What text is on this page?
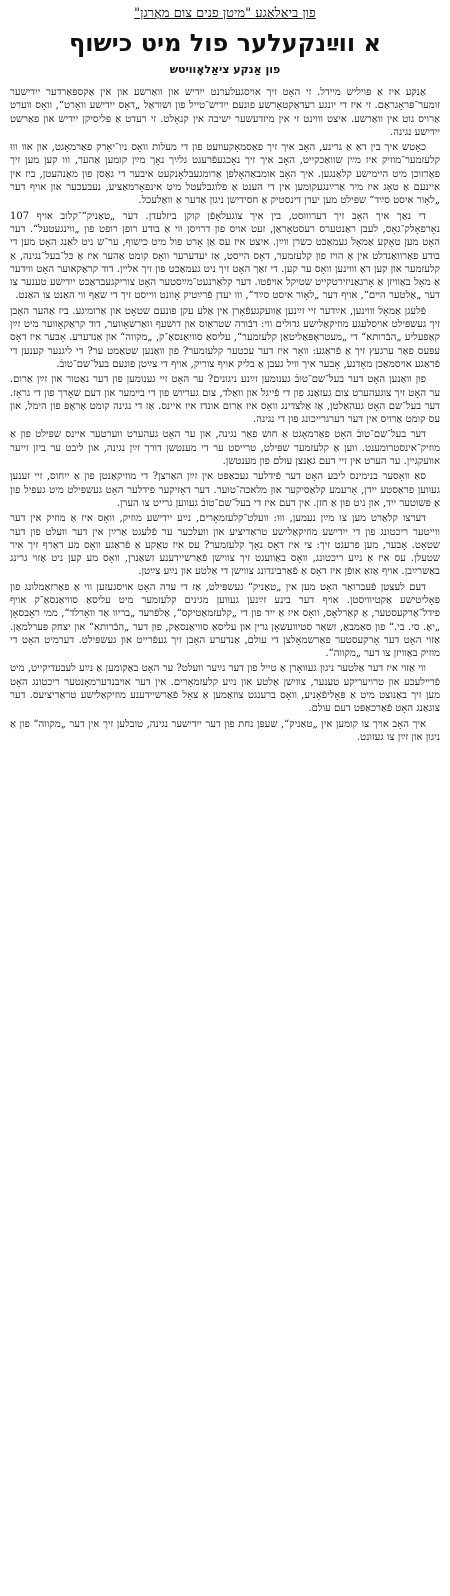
פון ביאַלאַגע "מיטן פנים צום מאָרגן"
א ווײַנקעלער פול מיט כישוף
פון אַנקע ציאַלאָוויטש

אַנקע איז אַ פּויליש מיידל. זי האָט זיך אויסגעלערנט ייִדיש און וואַרשע און אין אַקספּאַרדער ייִדישער זומער־פּראָגראַם. זי איז די יונגע רעדאַקטאָרשע פונעם ייִדיש־טייל פון ושוראַל „דאָס ייִדישע וואָרט“, וואָס ווערט אַרויס גוט אין וואַרשע. איצט וווינט זי אין מיזדעשער ישיבה אין קנאָלט. זי רעדט אַ פּליסיקן ייִדיש און פאַרשט ייִדישע נגינה.

כאָטש איך בין דאַ אַ גרינע, האָב איך זיך פאַסמאָקעוועט פון די מעלות וואָס ניו־יאָרק פאַרמאָגט, און אוו וווּ קלעזמער־מוזיק איז מײַן שוואַכקייט, האָב איך זיך נאָכגעפֿרעגט גלײַך נאָך מײַן קומען אַהער, ווו קען מען זיך פאַרזוכן מיט היימישע קלאַנגען. איך האָב אומבאַהאָלפן אַרומגעבלאָנקעט איבער די גאַסן פון מאַנהעטן, ביז אין איינעם אַ טאָג איז מיר אַרײַנגעקומען אין די הענט אַ פלוגבלעטל מיט אינפאָרמאַציע, נעבעכער און אויף דער „לאָור איסט סײַד“ שפּילט מען יעדן דינסטיק אַ חסידישן ניגון אַדער אַ וואַלעכל.

די נאַך איך האָב זיך דערוווּסט, בין איך צוגעלאָפֿן קוקן ביזלעדן. דער „טאַניק“־קלוב אויף 107 נאָרפאָלק־גאָס, לעבן ראַנטערס רעסטאָראַן, זעט אויס פון דרויסן ווי אַ בודע רופן רופט פון „ווינגעטעל“. דער האָט מען טאָקע אַמאָל געמאַכט כשרן ווײַן. איצט איז עס אַן אָרט פול מיט כישוף, ער־ש ניט לאַנג האָט מען די בודע פאַרוואַנדלט אין אַ הויז פון קלעזמער, דאָס הייסט, אַז יעדערער וואָס קומט אַהער איז אַ כּל־בעל־נגינה, אַ קלעזמער און קען דאָ וווינען וואָס ער קען. די זאַך האָט זיך ניט געמאַכט פון זיך אליין. דוד קראַקאוער האָט ווידער אַ מאָל באַוויזן אַ אָרגאַניזירטקייט שטיקל אויפֿטו. דער קלאַרנעט־מײַסטער האָט צוריקגעבראַכט ייִדישע טענער צו דער „אַלטער הײם“, אויף דער „לאָור איסט סײַד“, ווו יעדן פֿרײַטיק אָוונט ווייסט זיך די שאַף ווי האַנט צו האַנט.

פֿלעגן אַמאָל וווינען, אײַדער זיי זײַנען אַוועקגעפֿאָרן אין אַלע עקן פונעם שטאָט און אַרומיגע. ביז אַהער האָבן זיך געשפּילט אויסלעגע מוזיקאַלישע גדולים ווי: דבֿורה שטראַוס און דושעף וואַרשאָווער, דוד קראַקאָווער מיט זײַן קאַפעליע „הבֿרותא“ די „מעטראָפּאַליטאַן קלעזמער“, עליסאַ סוויאַנסאַ־ק, „מקווה“ און אַנדערע. אָבער איז דאָס עפּעס פאַר ערגעץ זיך אַ פֿראַגע: וואָר איז דער עכטער קלעזמער? פון וואַנען שטאַמט ער? די ליגנער קענען די פֿראַגע אויסמאַכן מאָדנע, אָבער איך וויל געבן אַ בליק אויף צוריק, אויף די צײַטן פונעם בעל־שם־טובֿ.

פון וואַנען האָט דער בעל־שם־טובֿ גענומען זײַנע ניגונים? ער האָט זיי גענומען פון דער נאַטור און זײַן אַרום. ער האָט זיך צוגעהערט צום געזאַנג פון די פֿייגל און וואַלד, צום געריוש פון די בײמער און דעם שאָרך פון די גראָז. דער בעל־שם האָט געהאַלטן, אַז אַלצדינג וואָס איז אַרום אונדז איז איינס. אַז די נגינה קומט אַראָפּ פון הימל, און עס קומט אַרויס אין דער דערגרייכונג פון די נגינה.

דער בעל־שם־טובֿ האָט פאַרמאָגט אַ חוש פאַר נגינה, און ער האָט געהערט ווערטער איינס שפּילט פון אַ מוזיק־אינסטרומענט. ווען אַ קלעזמער שפּילט, טרייסט ער די מענטשן דורך זײַן נגינה, און ליבט ער ביזן זייער אוועקגיין. ער הערט אין זיי דעם גאַנצן עולם פון מענטשן.

סאַ וואָסער בנימינס ליבע האָט דער פֿידלער געכאַפּט אין זײַן האַרצן? די מוזיקאַנטן פון אַ ייִחוס, זיי זענען געווען פראַסטע ייִדן, אָרעמע קלאַסיקער און מלאכה־טוער. דער דאָזיקער פידלער האָט געשפּילט מיט געפיל פון אַ פּשוטער ייִד, און ניט פון אַ חזן. אין דעם איז די בעל־שם־טובֿ געווען גרייט צו הערן.

דערצו קלאַרט מען צו מײַן נעמען, ווו: וועלט־קלעזמאָרים, נײַע ייִדישע מוזיק, וואָס איז אַ מוזיק אין דער ווייטער ריכטונג פון די ייִדישע מוזיקאַלישע טראַדיציע און וועלכער ער פֿלעגט אַרײַן אין דער וועלט פון דער שטאָט. אָבער, מען פרעגט זיך: צי איז דאָס נאָך קלעזמער? עס איז טאַקע אַ פֿראַגע וואָס מע דאַרף זיך איר שטעלן. עס איז אַ נײַע ריכטונג, וואָס באַוועגט זיך צווישן פֿאַרשיידענע זשאַנרן, וואָס מע קען ניט אַזוי גרינג באַשרײַבן. אויף אַזאַ אופֿן איז דאָס אַ פֿאַרבינדונג צווישן די אַלטע און נײַע צײַטן.

דעם לעצטן פֿעברואַר האָט מען אין „טאַניק“ געשפּילט, אַז די עדה האָט אויסגעזען ווי אַ פאַרזאַמלונג פון פּאָליטישע אַקטיוויסטן. אויף דער בינע זײַנען געווען מגינים קלעזמער מיט עליסאַ סוויאַנסאַ־ק אויף פידל־אַרקעסטער, אַ קאַרלאָס, וואָס איז אַ ייִד פון די „קלעזמאַטיקס“, אַלפֿרעד „בריוו אַד וואָרלד“, ממי ראָבסאָן „יאָ. סי. בי.“ פון סאַמבאַ, זשאַר סטיוועשאָן גרין און עליסאַ סוויאַנסאַק, פון דער „הבֿרותא“ און יצחק פּערלמאַן. אַזוי האָט דער אָרקעסטער פאַרשמאָלצן די עולם, אַנדערע האָבן זיך געפֿרייט און געשפּילט. דערמיט האָט די מוזיק באַוויזן צו דער „מקווה“.

ווי אַזוי איז דער אַלטער ניגון געוואָרן אַ טייל פון דער נײַער וועלט? ער האָט באַקומען אַ נײַע לעבעדיקייט, מיט פֿרײלעכע און טרויעריקע טענער, צווישן אַלטע און נײַע קלעזמאָרים. אין דער אויבנדערמאָנטער ריכטונג האָט מען זיך באַנוצט מיט אַ פּאָליפֿאָניע, וואָס ברענגט צוזאַמען אַ צאָל פֿאַרשיידענע מוזיקאַלישע טראַדיציעס. דער צוגאַנג האָט פֿאַרכאַפּט דעם עולם.

איך האָב אויך צו קומען אין „טאַניק“, שעפּן נחת פון דער ייִדישער נגינה, טובלען זיך אין דער „מקווה“ פון אַ ניגון און זײַן צו געזונט.
